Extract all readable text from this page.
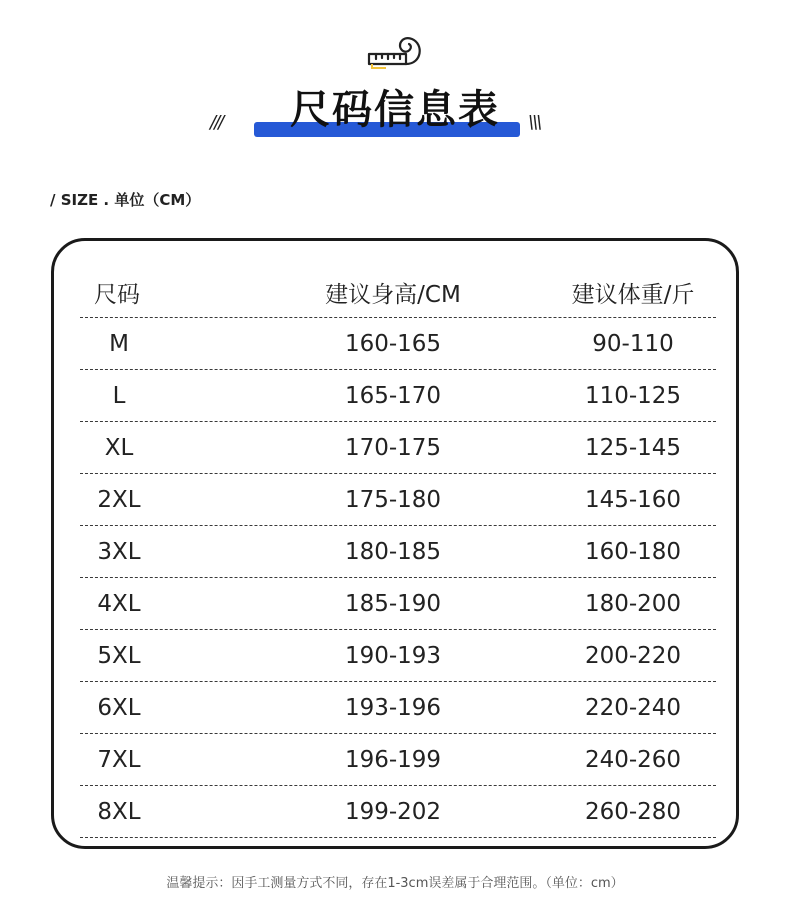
///	\\\
尺码信息表
/ SIZE . 单位（CM）
尺码	建议身高/CM	建议体重/斤
M	160-165	90-110
L	165-170	110-125
XL	170-175	125-145
2XL	175-180	145-160
3XL	180-185	160-180
4XL	185-190	180-200
5XL	190-193	200-220
6XL	193-196	220-240
7XL	196-199	240-260
8XL	199-202	260-280
温馨提示：因手工测量方式不同，存在1-3cm误差属于合理范围。（单位：cm）
